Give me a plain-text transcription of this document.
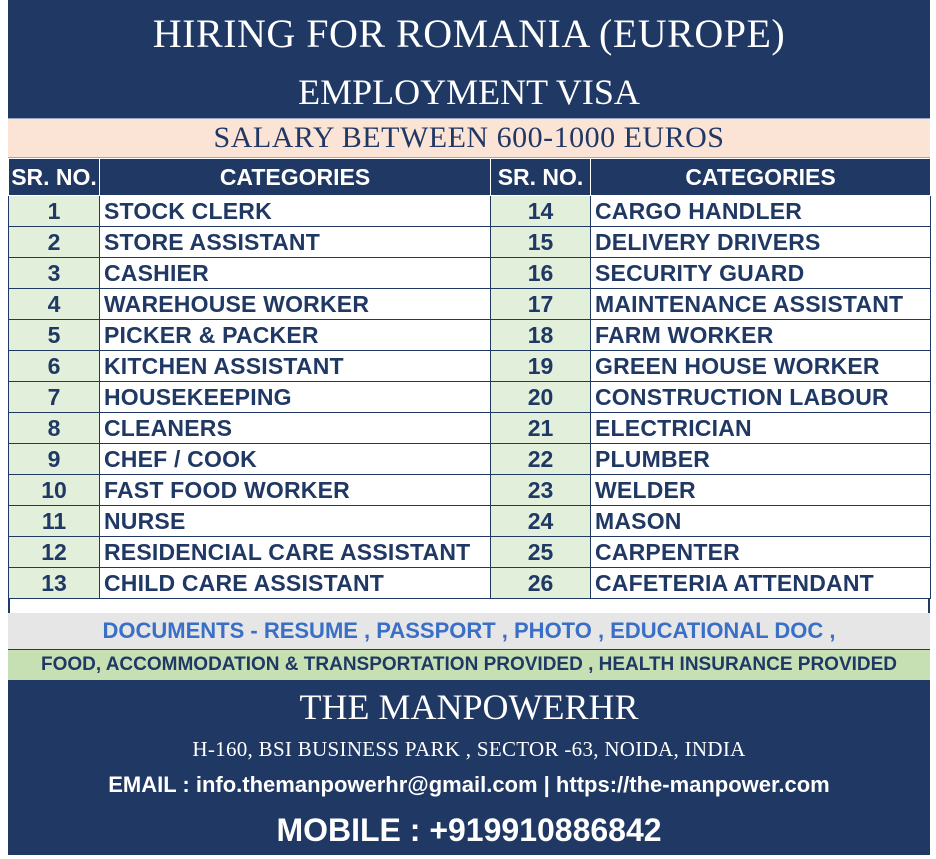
HIRING FOR ROMANIA (EUROPE)
EMPLOYMENT VISA
SALARY BETWEEN 600-1000 EUROS
SR. NO.	CATEGORIES	SR. NO.	CATEGORIES
1	STOCK CLERK	14	CARGO HANDLER
2	STORE ASSISTANT	15	DELIVERY DRIVERS
3	CASHIER	16	SECURITY GUARD
4	WAREHOUSE WORKER	17	MAINTENANCE ASSISTANT
5	PICKER & PACKER	18	FARM WORKER
6	KITCHEN ASSISTANT	19	GREEN HOUSE WORKER
7	HOUSEKEEPING	20	CONSTRUCTION LABOUR
8	CLEANERS	21	ELECTRICIAN
9	CHEF / COOK	22	PLUMBER
10	FAST FOOD WORKER	23	WELDER
11	NURSE	24	MASON
12	RESIDENCIAL CARE ASSISTANT	25	CARPENTER
13	CHILD CARE ASSISTANT	26	CAFETERIA ATTENDANT
DOCUMENTS - RESUME , PASSPORT , PHOTO , EDUCATIONAL DOC ,
FOOD, ACCOMMODATION & TRANSPORTATION PROVIDED , HEALTH INSURANCE PROVIDED
THE MANPOWERHR
H-160, BSI BUSINESS PARK , SECTOR -63, NOIDA, INDIA
EMAIL : info.themanpowerhr@gmail.com | https://the-manpower.com
MOBILE : +919910886842
